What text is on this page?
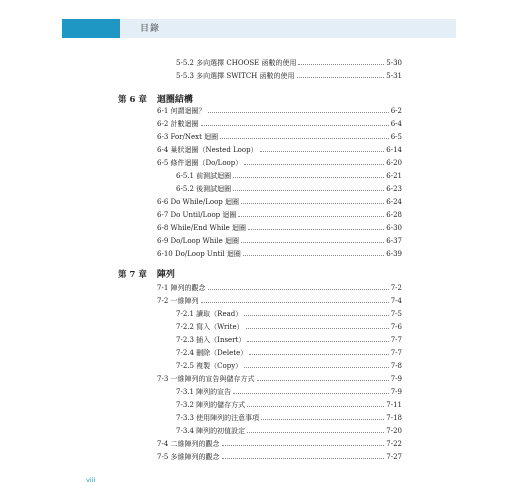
目錄
5-5.2 多向選擇 CHOOSE 函數的使用	5-30
5-5.3 多向選擇 SWITCH 函數的使用	5-31
第 6 章 迴圈結構
6-1 何謂迴圈？	6-2
6-2 計數迴圈	6-4
6-3 For/Next 迴圈	6-5
6-4 巢狀迴圈（Nested Loop）	6-14
6-5 條件迴圈（Do/Loop）	6-20
6-5.1 前測試迴圈	6-21
6-5.2 後測試迴圈	6-23
6-6 Do While/Loop 迴圈	6-24
6-7 Do Until/Loop 迴圈	6-28
6-8 While/End While 迴圈	6-30
6-9 Do/Loop While 迴圈	6-37
6-10 Do/Loop Until 迴圈	6-39
第 7 章 陣列
7-1 陣列的觀念	7-2
7-2 一維陣列	7-4
7-2.1 讀取（Read）	7-5
7-2.2 寫入（Write）	7-6
7-2.3 插入（Insert）	7-7
7-2.4 刪除（Delete）	7-7
7-2.5 複製（Copy）	7-8
7-3 一維陣列的宣告與儲存方式	7-9
7-3.1 陣列的宣告	7-9
7-3.2 陣列的儲存方式	7-11
7-3.3 使用陣列的注意事項	7-18
7-3.4 陣列的初值設定	7-20
7-4 二維陣列的觀念	7-22
7-5 多維陣列的觀念	7-27
viii
